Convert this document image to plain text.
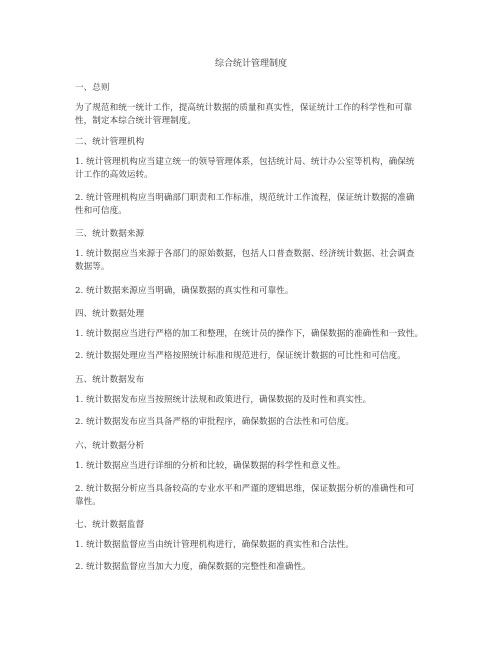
综合统计管理制度
一、总则
为了规范和统一统计工作，提高统计数据的质量和真实性，保证统计工作的科学性和可靠
性，制定本综合统计管理制度。
二、统计管理机构
1. 统计管理机构应当建立统一的领导管理体系，包括统计局、统计办公室等机构，确保统
计工作的高效运转。
2. 统计管理机构应当明确部门职责和工作标准，规范统计工作流程，保证统计数据的准确
性和可信度。
三、统计数据来源
1. 统计数据应当来源于各部门的原始数据，包括人口普查数据、经济统计数据、社会调查
数据等。
2. 统计数据来源应当明确，确保数据的真实性和可靠性。
四、统计数据处理
1. 统计数据应当进行严格的加工和整理，在统计员的操作下，确保数据的准确性和一致性。
2. 统计数据处理应当严格按照统计标准和规范进行，保证统计数据的可比性和可信度。
五、统计数据发布
1. 统计数据发布应当按照统计法规和政策进行，确保数据的及时性和真实性。
2. 统计数据发布应当具备严格的审批程序，确保数据的合法性和可信度。
六、统计数据分析
1. 统计数据应当进行详细的分析和比较，确保数据的科学性和意义性。
2. 统计数据分析应当具备较高的专业水平和严谨的逻辑思维，保证数据分析的准确性和可
靠性。
七、统计数据监督
1. 统计数据监督应当由统计管理机构进行，确保数据的真实性和合法性。
2. 统计数据监督应当加大力度，确保数据的完整性和准确性。
